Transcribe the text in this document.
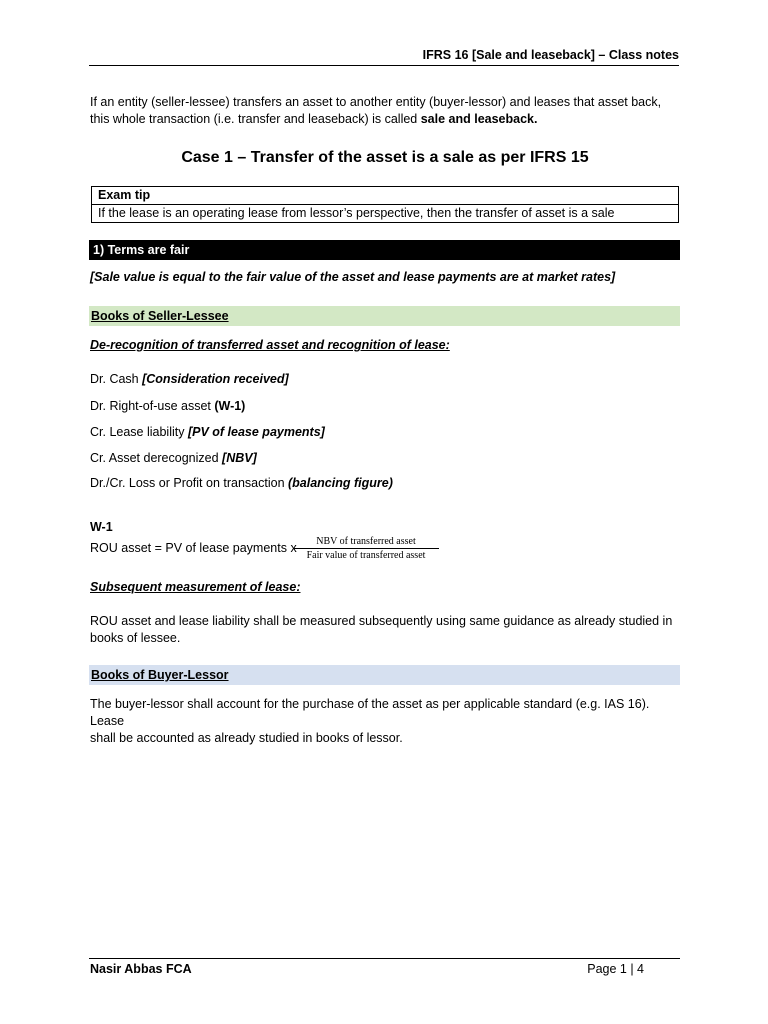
IFRS 16 [Sale and leaseback] – Class notes
If an entity (seller-lessee) transfers an asset to another entity (buyer-lessor) and leases that asset back,
this whole transaction (i.e. transfer and leaseback) is called sale and leaseback.
Case 1 – Transfer of the asset is a sale as per IFRS 15
Exam tip
If the lease is an operating lease from lessor’s perspective, then the transfer of asset is a sale
1) Terms are fair
[Sale value is equal to the fair value of the asset and lease payments are at market rates]
Books of Seller-Lessee
De-recognition of transferred asset and recognition of lease:
Dr. Cash [Consideration received]
Dr. Right-of-use asset (W-1)
Cr. Lease liability [PV of lease payments]
Cr. Asset derecognized [NBV]
Dr./Cr. Loss or Profit on transaction (balancing figure)
W-1
ROU asset = PV of lease payments x	NBV of transferred asset
Fair value of transferred asset
Subsequent measurement of lease:
ROU asset and lease liability shall be measured subsequently using same guidance as already studied in
books of lessee.
Books of Buyer-Lessor
The buyer-lessor shall account for the purchase of the asset as per applicable standard (e.g. IAS 16). Lease
shall be accounted as already studied in books of lessor.
Nasir Abbas FCA	Page 1 | 4
